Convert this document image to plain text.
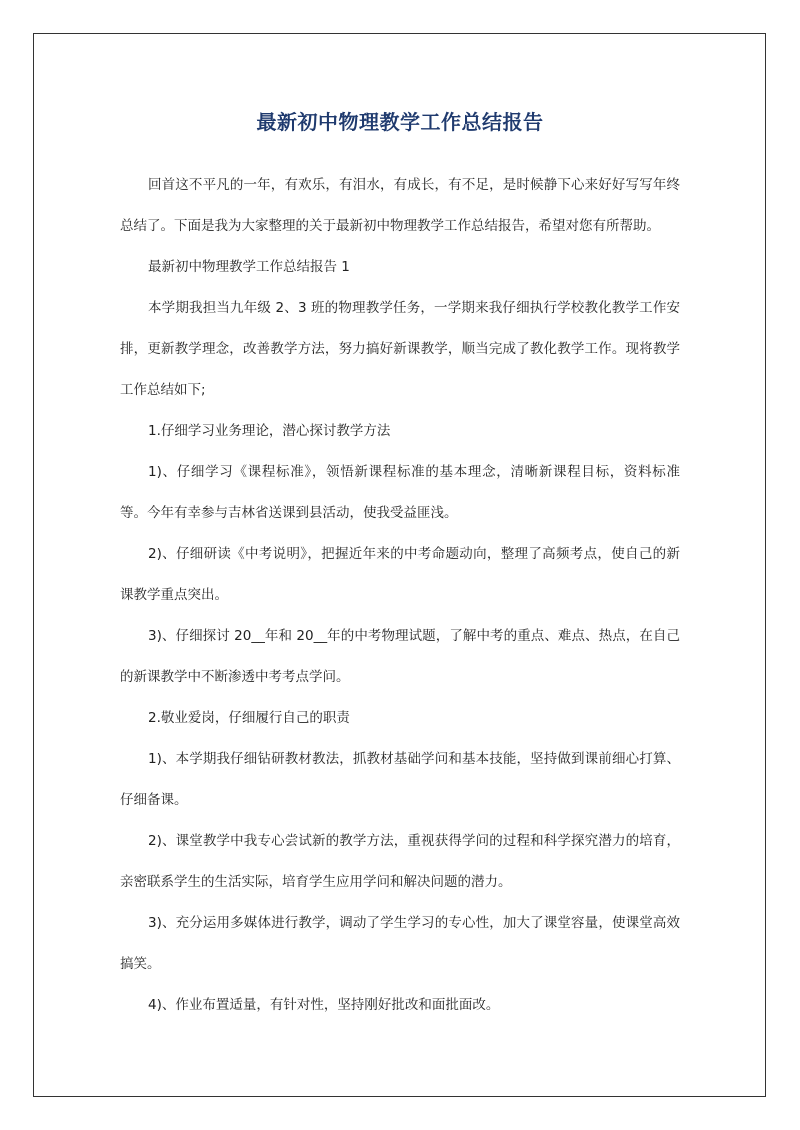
最新初中物理教学工作总结报告

回首这不平凡的一年，有欢乐，有泪水，有成长，有不足，是时候静下心来好好写写年终总结了。下面是我为大家整理的关于最新初中物理教学工作总结报告，希望对您有所帮助。

最新初中物理教学工作总结报告 1

本学期我担当九年级 2、3 班的物理教学任务，一学期来我仔细执行学校教化教学工作安排，更新教学理念，改善教学方法，努力搞好新课教学，顺当完成了教化教学工作。现将教学工作总结如下;

1.仔细学习业务理论，潜心探讨教学方法

1)、仔细学习《课程标准》，领悟新课程标准的基本理念，清晰新课程目标，资料标准等。今年有幸参与吉林省送课到县活动，使我受益匪浅。

2)、仔细研读《中考说明》，把握近年来的中考命题动向，整理了高频考点，使自己的新课教学重点突出。

3)、仔细探讨 20__年和 20__年的中考物理试题，了解中考的重点、难点、热点，在自己的新课教学中不断渗透中考考点学问。

2.敬业爱岗，仔细履行自己的职责

1)、本学期我仔细钻研教材教法，抓教材基础学问和基本技能，坚持做到课前细心打算、仔细备课。

2)、课堂教学中我专心尝试新的教学方法，重视获得学问的过程和科学探究潜力的培育，亲密联系学生的生活实际，培育学生应用学问和解决问题的潜力。

3)、充分运用多媒体进行教学，调动了学生学习的专心性，加大了课堂容量，使课堂高效搞笑。

4)、作业布置适量，有针对性，坚持刚好批改和面批面改。
